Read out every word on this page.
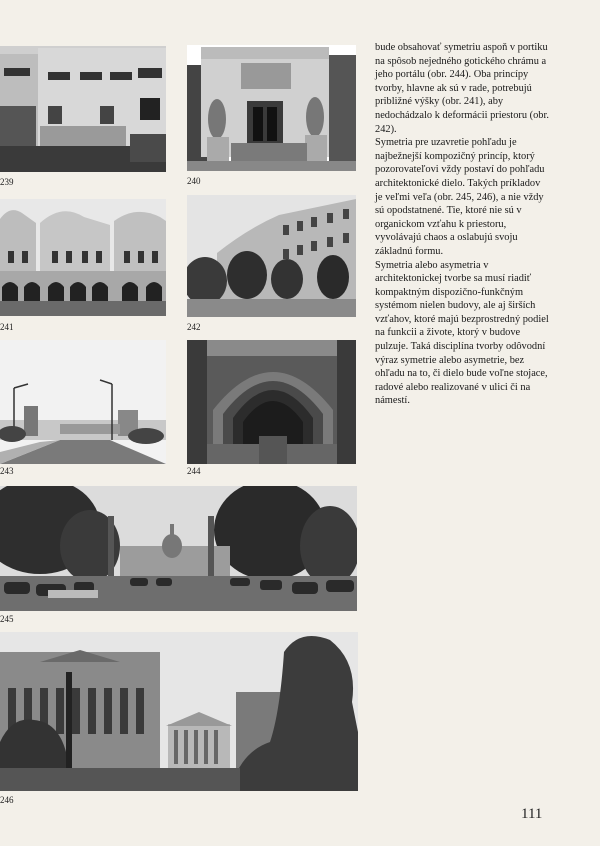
239	240
241	242
243	244
245
246

bude obsahovať symetriu aspoň v portiku na spôsob nejedného gotického chrámu a jeho portálu (obr. 244). Oba princípy tvorby, hlavne ak sú v rade, potrebujú približné výšky (obr. 241), aby nedochádzalo k deformácii priestoru (obr. 242).

Symetria pre uzavretie pohľadu je najbežnejší kompozičný princíp, ktorý pozorovateľovi vždy postaví do pohľadu architektonické dielo. Takých príkladov je veľmi veľa (obr. 245, 246), a nie vždy sú opodstatnené. Tie, ktoré nie sú v organickom vzťahu k priestoru, vyvolávajú chaos a oslabujú svoju základnú formu.

Symetria alebo asymetria v architektonickej tvorbe sa musí riadiť kompaktným dispozično-funkčným systémom nielen budovy, ale aj širších vzťahov, ktoré majú bezprostredný podiel na funkcii a živote, ktorý v budove pulzuje. Taká disciplína tvorby odôvodní výraz symetrie alebo asymetrie, bez ohľadu na to, či dielo bude voľne stojace, radové alebo realizované v ulici či na námestí.

111
